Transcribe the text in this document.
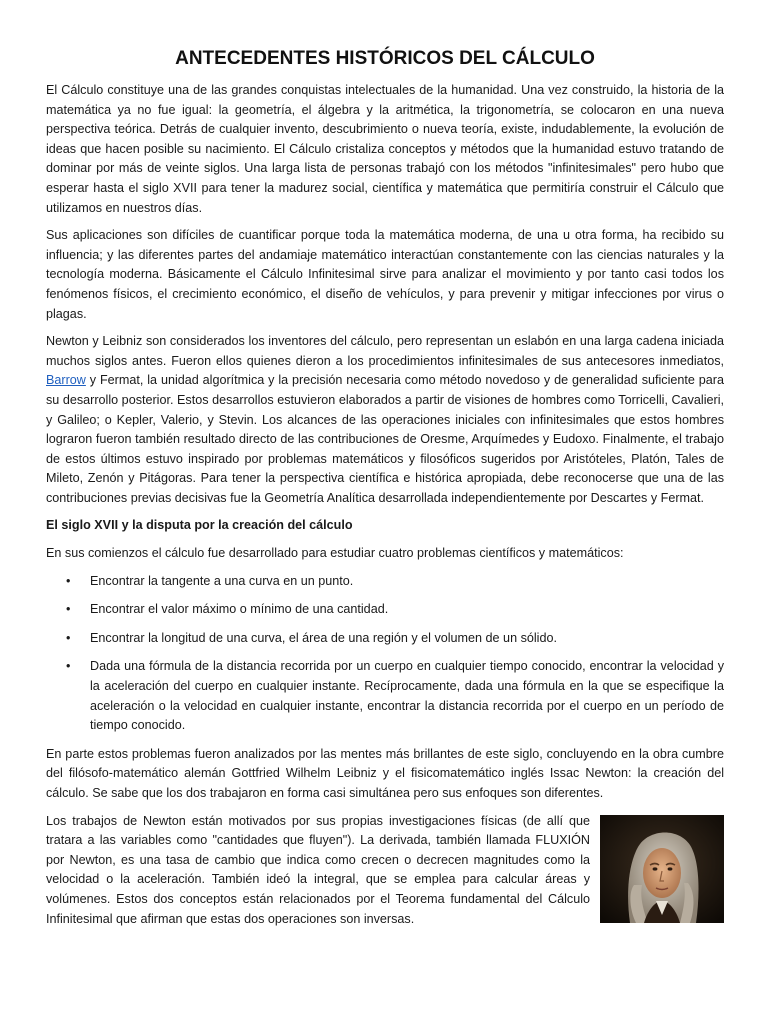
ANTECEDENTES HISTÓRICOS DEL CÁLCULO

El Cálculo constituye una de las grandes conquistas intelectuales de la humanidad. Una vez construido, la historia de la matemática ya no fue igual: la geometría, el álgebra y la aritmética, la trigonometría, se colocaron en una nueva perspectiva teórica. Detrás de cualquier invento, descubrimiento o nueva teoría, existe, indudablemente, la evolución de ideas que hacen posible su nacimiento. El Cálculo cristaliza conceptos y métodos que la humanidad estuvo tratando de dominar por más de veinte siglos. Una larga lista de personas trabajó con los métodos "infinitesimales" pero hubo que esperar hasta el siglo XVII para tener la madurez social, científica y matemática que permitiría construir el Cálculo que utilizamos en nuestros días.

Sus aplicaciones son difíciles de cuantificar porque toda la matemática moderna, de una u otra forma, ha recibido su influencia; y las diferentes partes del andamiaje matemático interactúan constantemente con las ciencias naturales y la tecnología moderna. Básicamente el Cálculo Infinitesimal sirve para analizar el movimiento y por tanto casi todos los fenómenos físicos, el crecimiento económico, el diseño de vehículos, y para prevenir y mitigar infecciones por virus o plagas.

Newton y Leibniz son considerados los inventores del cálculo, pero representan un eslabón en una larga cadena iniciada muchos siglos antes. Fueron ellos quienes dieron a los procedimientos infinitesimales de sus antecesores inmediatos, Barrow y Fermat, la unidad algorítmica y la precisión necesaria como método novedoso y de generalidad suficiente para su desarrollo posterior. Estos desarrollos estuvieron elaborados a partir de visiones de hombres como Torricelli, Cavalieri, y Galileo; o Kepler, Valerio, y Stevin. Los alcances de las operaciones iniciales con infinitesimales que estos hombres lograron fueron también resultado directo de las contribuciones de Oresme, Arquímedes y Eudoxo. Finalmente, el trabajo de estos últimos estuvo inspirado por problemas matemáticos y filosóficos sugeridos por Aristóteles, Platón, Tales de Mileto, Zenón y Pitágoras. Para tener la perspectiva científica e histórica apropiada, debe reconocerse que una de las contribuciones previas decisivas fue la Geometría Analítica desarrollada independientemente por Descartes y Fermat.

El siglo XVII y la disputa por la creación del cálculo

En sus comienzos el cálculo fue desarrollado para estudiar cuatro problemas científicos y matemáticos:

• Encontrar la tangente a una curva en un punto.
• Encontrar el valor máximo o mínimo de una cantidad.
• Encontrar la longitud de una curva, el área de una región y el volumen de un sólido.
• Dada una fórmula de la distancia recorrida por un cuerpo en cualquier tiempo conocido, encontrar la velocidad y la aceleración del cuerpo en cualquier instante. Recíprocamente, dada una fórmula en la que se especifique la aceleración o la velocidad en cualquier instante, encontrar la distancia recorrida por el cuerpo en un período de tiempo conocido.

En parte estos problemas fueron analizados por las mentes más brillantes de este siglo, concluyendo en la obra cumbre del filósofo-matemático alemán Gottfried Wilhelm Leibniz y el fisicomatemático inglés Issac Newton: la creación del cálculo. Se sabe que los dos trabajaron en forma casi simultánea pero sus enfoques son diferentes.

Los trabajos de Newton están motivados por sus propias investigaciones físicas (de allí que tratara a las variables como "cantidades que fluyen"). La derivada, también llamada FLUXIÓN por Newton, es una tasa de cambio que indica como crecen o decrecen magnitudes como la velocidad o la aceleración. También ideó la integral, que se emplea para calcular áreas y volúmenes. Estos dos conceptos están relacionados por el Teorema fundamental del Cálculo Infinitesimal que afirman que estas dos operaciones son inversas.
